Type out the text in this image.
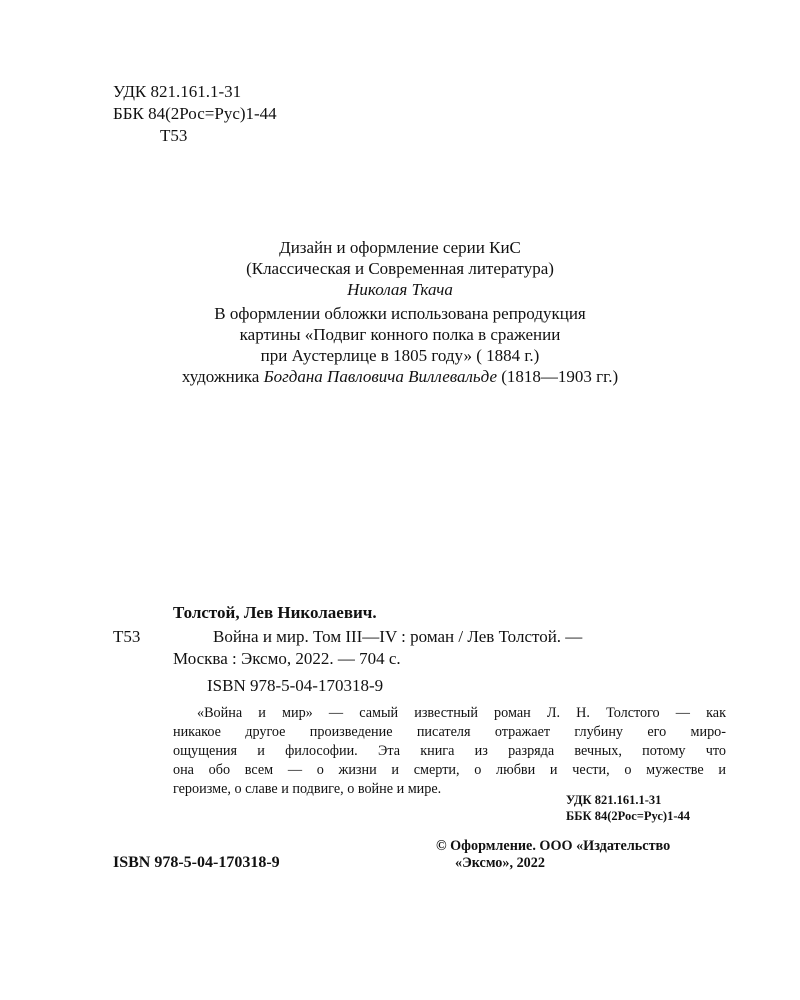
УДК 821.161.1-31
ББК 84(2Рос=Рус)1-44
Т53
Дизайн и оформление серии КиС
(Классическая и Современная литература)
Николая Ткача
В оформлении обложки использована репродукция
картины «Подвиг конного полка в сражении
при Аустерлице в 1805 году» ( 1884 г.)
художника Богдана Павловича Виллевальде (1818—1903 гг.)
Толстой, Лев Николаевич.
Т53	Война и мир. Том III—IV : роман / Лев Толстой. —
Москва : Эксмо, 2022. — 704 с.
ISBN 978-5-04-170318-9
«Война и мир» — самый известный роман Л. Н. Толстого — как
никакое другое произведение писателя отражает глубину его миро-
ощущения и философии. Эта книга из разряда вечных, потому что
она обо всем — о жизни и смерти, о любви и чести, о мужестве и
героизме, о славе и подвиге, о войне и мире.
УДК 821.161.1-31
ББК 84(2Рос=Рус)1-44
ISBN 978-5-04-170318-9
© Оформление. ООО «Издательство
«Эксмо», 2022
